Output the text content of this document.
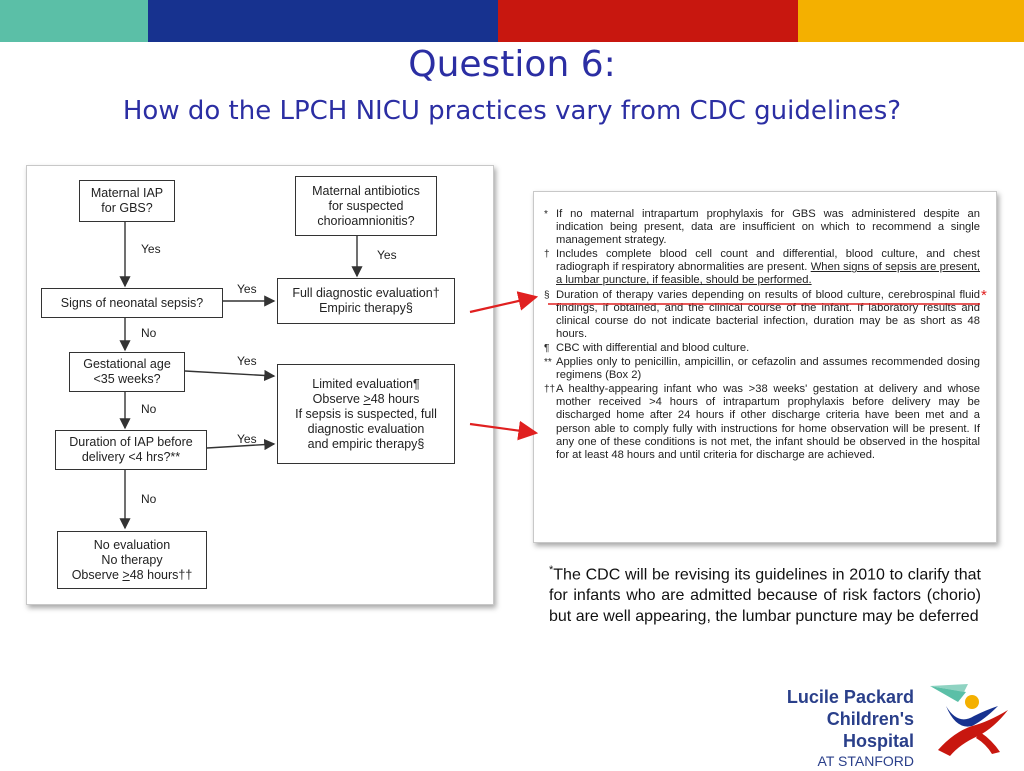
Question 6:
How do the LPCH NICU practices vary from CDC guidelines?
Maternal IAP
for GBS?
Maternal antibiotics
for suspected
chorioamnionitis?
Signs of neonatal sepsis?
Full diagnostic evaluation†
Empiric therapy§
Gestational age
<35 weeks?	Limited evaluation¶
Observe ≥48 hours
If sepsis is suspected, full
diagnostic evaluation
and empiric therapy§
Duration of IAP before
delivery <4 hrs?**
No evaluation
No therapy
Observe ≥48 hours††
Yes	Yes
Yes
No
Yes
No
Yes
No
* If no maternal intrapartum prophylaxis for GBS was administered despite an indication being present, data are insufficient on which to recommend a single management strategy.
† Includes complete blood cell count and differential, blood culture, and chest radiograph if respiratory abnormalities are present. When signs of sepsis are present, a lumbar puncture, if feasible, should be performed.
§ Duration of therapy varies depending on results of blood culture, cerebrospinal fluid findings, if obtained, and the clinical course of the infant. If laboratory results and clinical course do not indicate bacterial infection, duration may be as short as 48 hours.
¶ CBC with differential and blood culture.
** Applies only to penicillin, ampicillin, or cefazolin and assumes recommended dosing regimens (Box 2)
†† A healthy-appearing infant who was >38 weeks' gestation at delivery and whose mother received >4 hours of intrapartum prophylaxis before delivery may be discharged home after 24 hours if other discharge criteria have been met and a person able to comply fully with instructions for home observation will be present. If any one of these conditions is not met, the infant should be observed in the hospital for at least 48 hours and until criteria for discharge are achieved.
*
*The CDC will be revising its guidelines in 2010 to clarify that for infants who are admitted because of risk factors (chorio) but are well appearing, the lumbar puncture may be deferred
Lucile Packard
Children's Hospital
AT STANFORD
